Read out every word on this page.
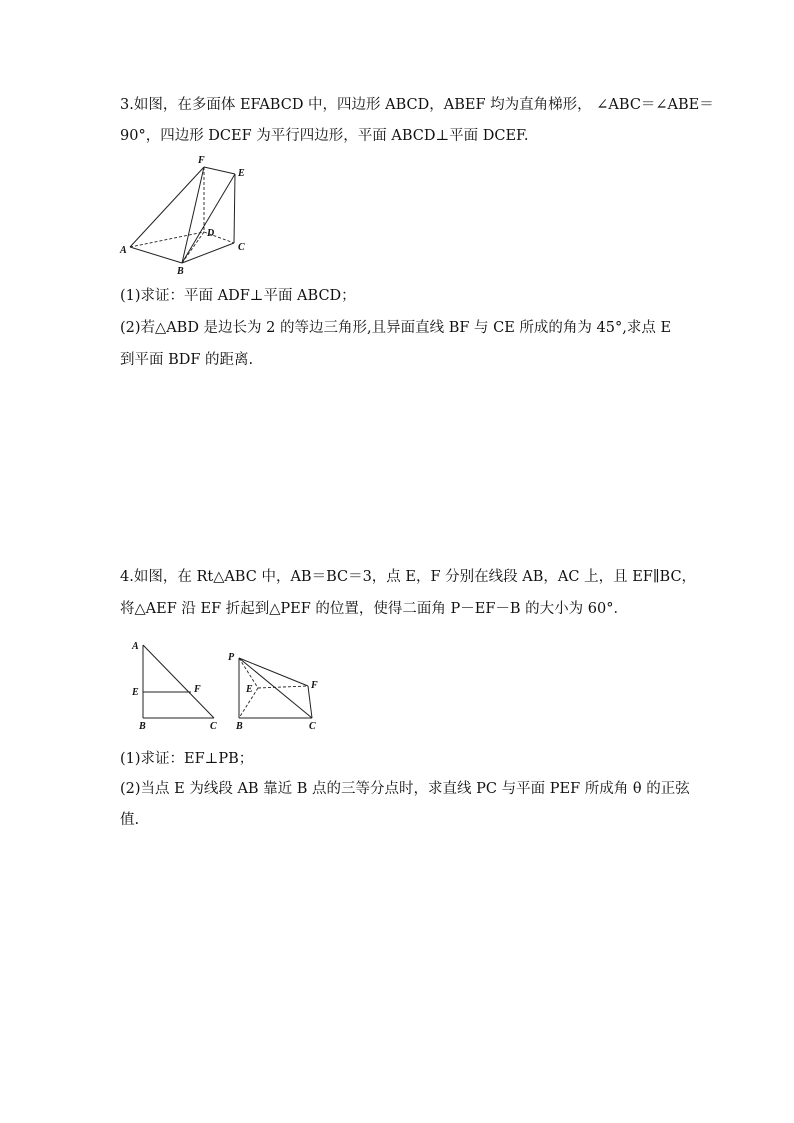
3.如图，在多面体 EFABCD 中，四边形 ABCD，ABEF 均为直角梯形， ∠ABC＝∠ABE＝
90°，四边形 DCEF 为平行四边形，平面 ABCD⊥平面 DCEF.
F
E
A
D
C
B
(1)求证：平面 ADF⊥平面 ABCD；
(2)若△ABD 是边长为 2 的等边三角形,且异面直线 BF 与 CE 所成的角为 45°,求点 E
到平面 BDF 的距离.
4.如图，在 Rt△ABC 中，AB＝BC＝3，点 E，F 分别在线段 AB，AC 上，且 EF∥BC，
将△AEF 沿 EF 折起到△PEF 的位置，使得二面角 P－EF－B 的大小为 60°．
A
E	F
B	C
P
E	F
B	C
(1)求证：EF⊥PB；
(2)当点 E 为线段 AB 靠近 B 点的三等分点时，求直线 PC 与平面 PEF 所成角 θ 的正弦
值.
